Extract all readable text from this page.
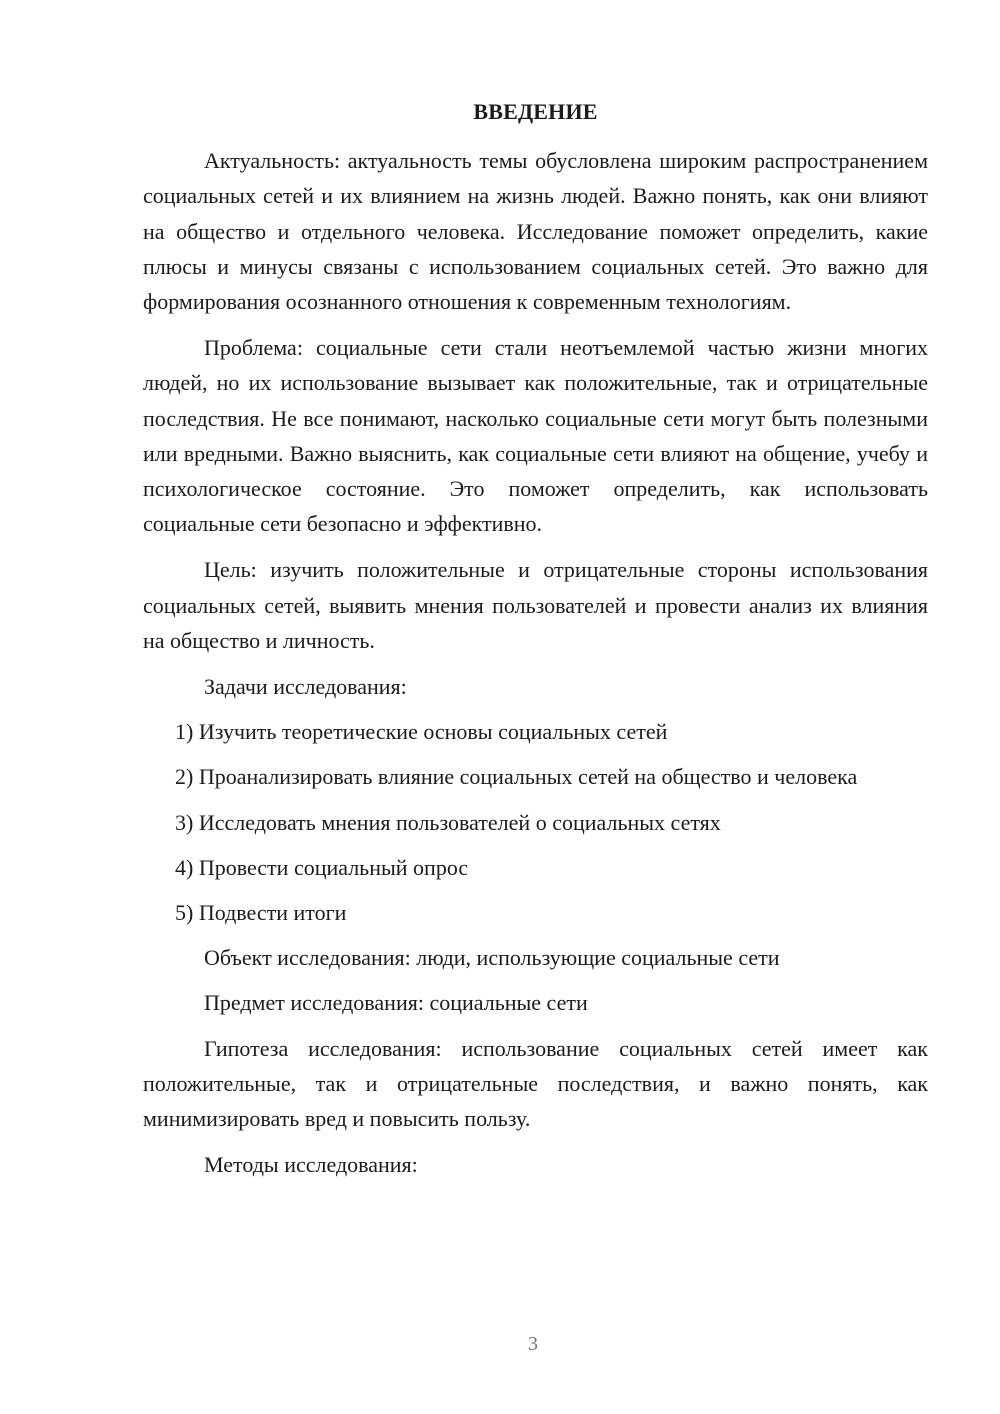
ВВЕДЕНИЕ

Актуальность: актуальность темы обусловлена широким распространением социальных сетей и их влиянием на жизнь людей. Важно понять, как они влияют на общество и отдельного человека. Исследование поможет определить, какие плюсы и минусы связаны с использованием социальных сетей. Это важно для формирования осознанного отношения к современным технологиям.

Проблема: социальные сети стали неотъемлемой частью жизни многих людей, но их использование вызывает как положительные, так и отрицательные последствия. Не все понимают, насколько социальные сети могут быть полезными или вредными. Важно выяснить, как социальные сети влияют на общение, учебу и психологическое состояние. Это поможет определить, как использовать социальные сети безопасно и эффективно.

Цель: изучить положительные и отрицательные стороны использования социальных сетей, выявить мнения пользователей и провести анализ их влияния на общество и личность.

Задачи исследования:

1) Изучить теоретические основы социальных сетей

2) Проанализировать влияние социальных сетей на общество и человека

3) Исследовать мнения пользователей о социальных сетях

4) Провести социальный опрос

5) Подвести итоги

Объект исследования: люди, использующие социальные сети

Предмет исследования: социальные сети

Гипотеза исследования: использование социальных сетей имеет как положительные, так и отрицательные последствия, и важно понять, как минимизировать вред и повысить пользу.

Методы исследования:

3
